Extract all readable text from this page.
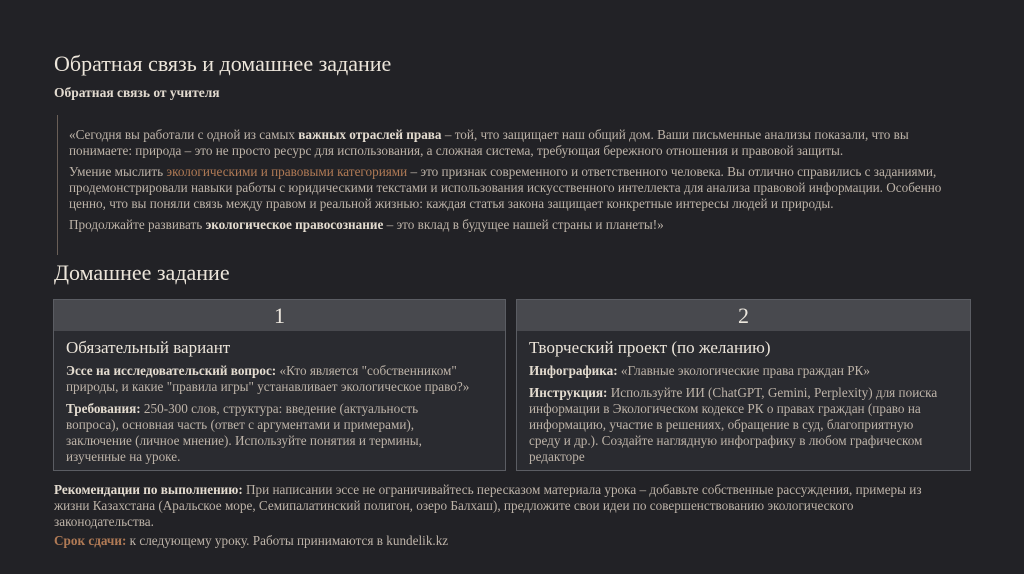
Обратная связь и домашнее задание
Обратная связь от учителя

«Сегодня вы работали с одной из самых важных отраслей права – той, что защищает наш общий дом. Ваши письменные анализы показали, что вы понимаете: природа – это не просто ресурс для использования, а сложная система, требующая бережного отношения и правовой защиты.

Умение мыслить экологическими и правовыми категориями – это признак современного и ответственного человека. Вы отлично справились с заданиями, продемонстрировали навыки работы с юридическими текстами и использования искусственного интеллекта для анализа правовой информации. Особенно ценно, что вы поняли связь между правом и реальной жизнью: каждая статья закона защищает конкретные интересы людей и природы.

Продолжайте развивать экологическое правосознание – это вклад в будущее нашей страны и планеты!»

Домашнее задание
1
Обязательный вариант

Эссе на исследовательский вопрос: «Кто является "собственником" природы, и какие "правила игры" устанавливает экологическое право?»

Требования: 250-300 слов, структура: введение (актуальность вопроса), основная часть (ответ с аргументами и примерами), заключение (личное мнение). Используйте понятия и термины, изученные на уроке.

2
Творческий проект (по желанию)

Инфографика: «Главные экологические права граждан РК»

Инструкция: Используйте ИИ (ChatGPT, Gemini, Perplexity) для поиска информации в Экологическом кодексе РК о правах граждан (право на информацию, участие в решениях, обращение в суд, благоприятную среду и др.). Создайте наглядную инфографику в любом графическом редакторе

Рекомендации по выполнению: При написании эссе не ограничивайтесь пересказом материала урока – добавьте собственные рассуждения, примеры из жизни Казахстана (Аральское море, Семипалатинский полигон, озеро Балхаш), предложите свои идеи по совершенствованию экологического законодательства.

Срок сдачи: к следующему уроку. Работы принимаются в kundelik.kz
